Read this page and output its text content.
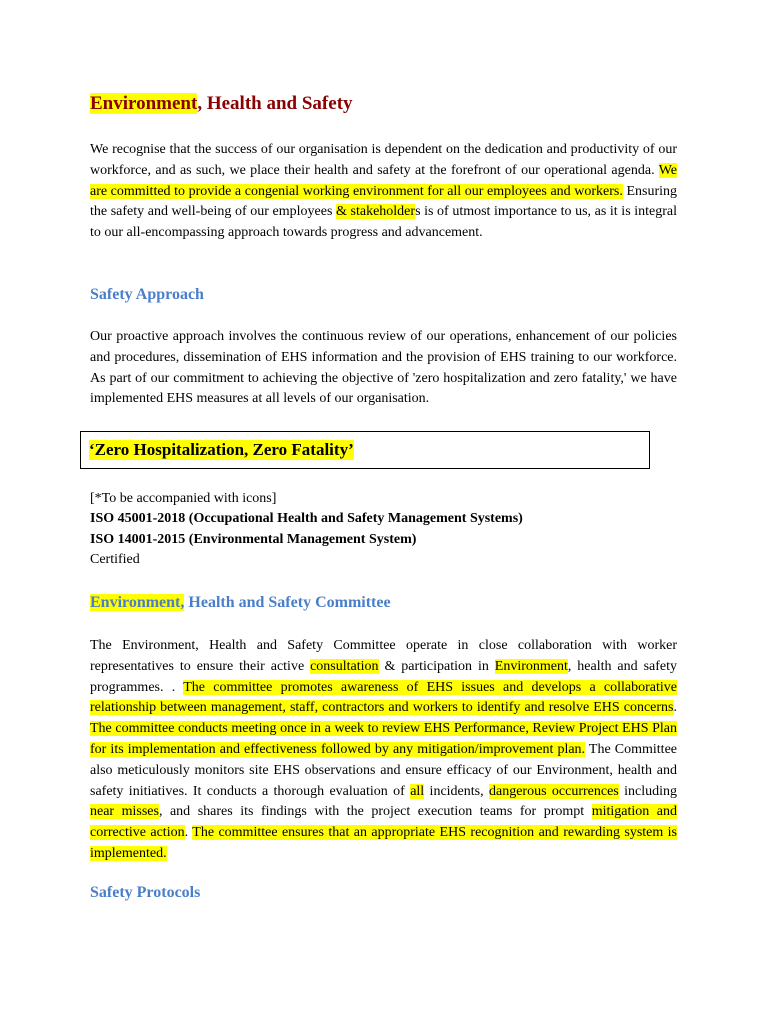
Environment, Health and Safety

We recognise that the success of our organisation is dependent on the dedication and productivity of our workforce, and as such, we place their health and safety at the forefront of our operational agenda. We are committed to provide a congenial working environment for all our employees and workers. Ensuring the safety and well-being of our employees & stakeholders is of utmost importance to us, as it is integral to our all-encompassing approach towards progress and advancement.

Safety Approach

Our proactive approach involves the continuous review of our operations, enhancement of our policies and procedures, dissemination of EHS information and the provision of EHS training to our workforce. As part of our commitment to achieving the objective of 'zero hospitalization and zero fatality,' we have implemented EHS measures at all levels of our organisation.

[*To be accompanied with icons]
ISO 45001-2018 (Occupational Health and Safety Management Systems)
ISO 14001-2015 (Environmental Management System)
Certified

Environment, Health and Safety Committee

The Environment, Health and Safety Committee operate in close collaboration with worker representatives to ensure their active consultation & participation in Environment, health and safety programmes. . The committee promotes awareness of EHS issues and develops a collaborative relationship between management, staff, contractors and workers to identify and resolve EHS concerns. The committee conducts meeting once in a week to review EHS Performance, Review Project EHS Plan for its implementation and effectiveness followed by any mitigation/improvement plan. The Committee also meticulously monitors site EHS observations and ensure efficacy of our Environment, health and safety initiatives. It conducts a thorough evaluation of all incidents, dangerous occurrences including near misses, and shares its findings with the project execution teams for prompt mitigation and corrective action. The committee ensures that an appropriate EHS recognition and rewarding system is implemented.

Safety Protocols
‘Zero Hospitalization, Zero Fatality’
